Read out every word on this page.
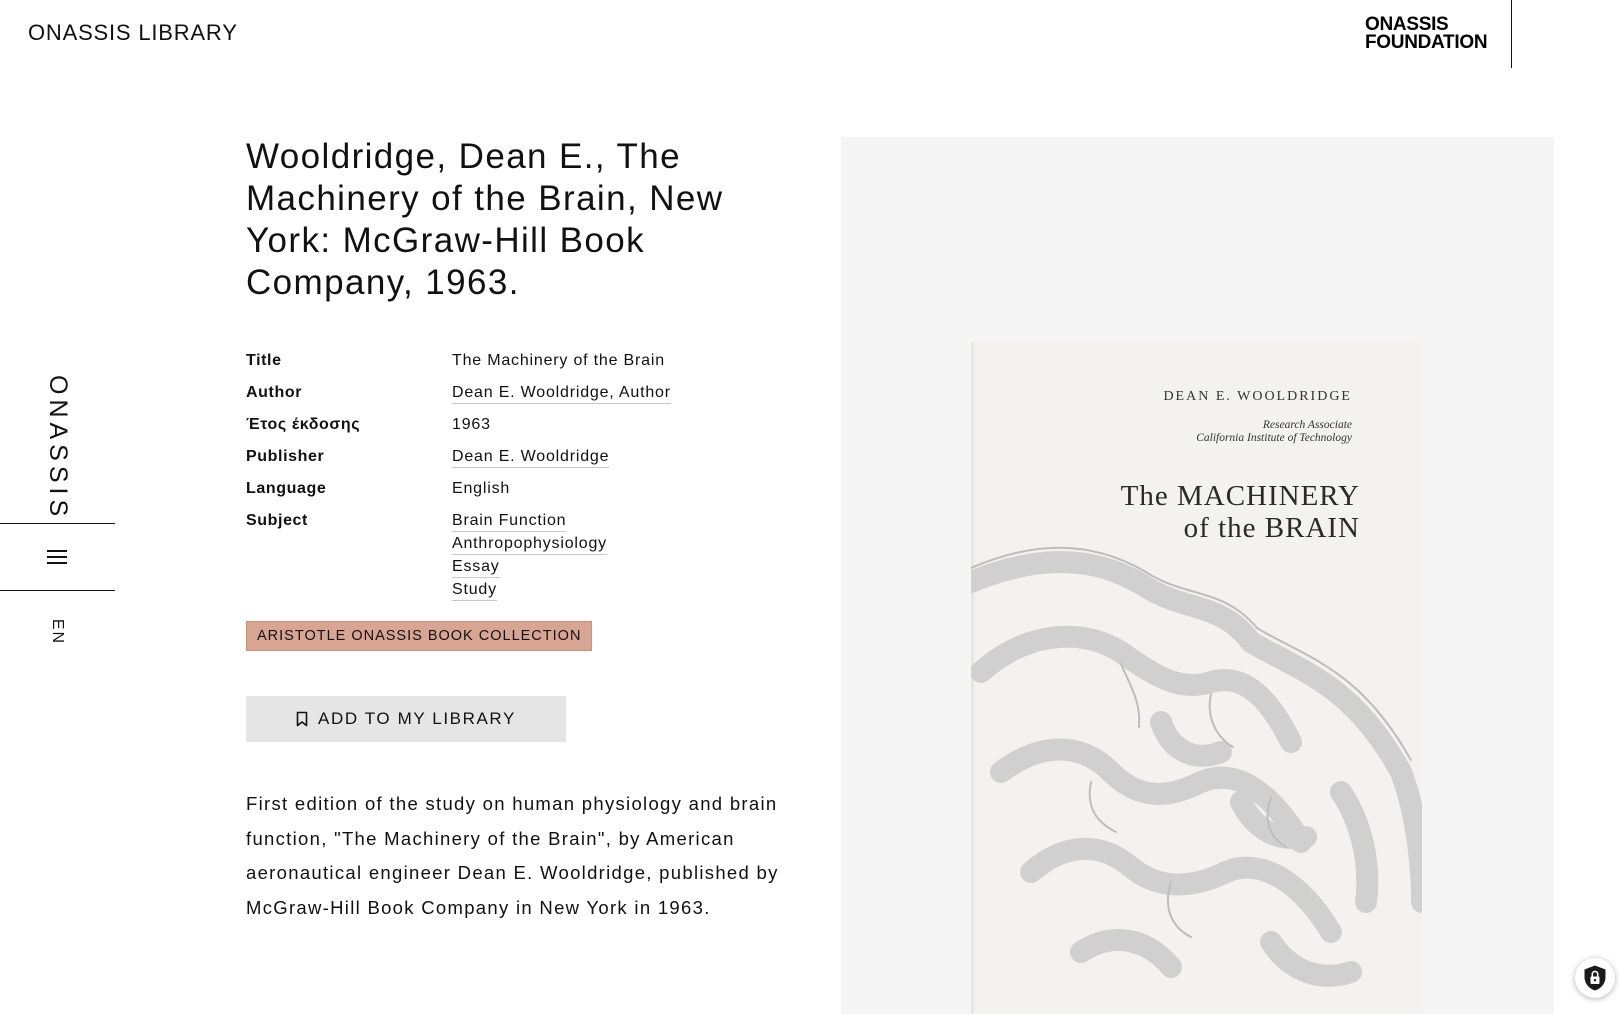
ONASSIS LIBRARY	ONASSIS
FOUNDATION
ONASSIS
EN
Wooldridge, Dean E., The Machinery of the Brain, New York: McGraw-Hill Book Company, 1963.
Title	The Machinery of the Brain
Author	Dean E. Wooldridge, Author
Έτος έκδοσης	1963
Publisher	Dean E. Wooldridge
Language	English
Subject	Brain Function
Anthropophysiology
Essay
Study
ARISTOTLE ONASSIS BOOK COLLECTION
ADD TO MY LIBRARY

First edition of the study on human physiology and brain function, "The Machinery of the Brain", by American aeronautical engineer Dean E. Wooldridge, published by McGraw-Hill Book Company in New York in 1963.

DEAN E. WOOLDRIDGE
Research Associate
California Institute of Technology
The MACHINERY
of the BRAIN
